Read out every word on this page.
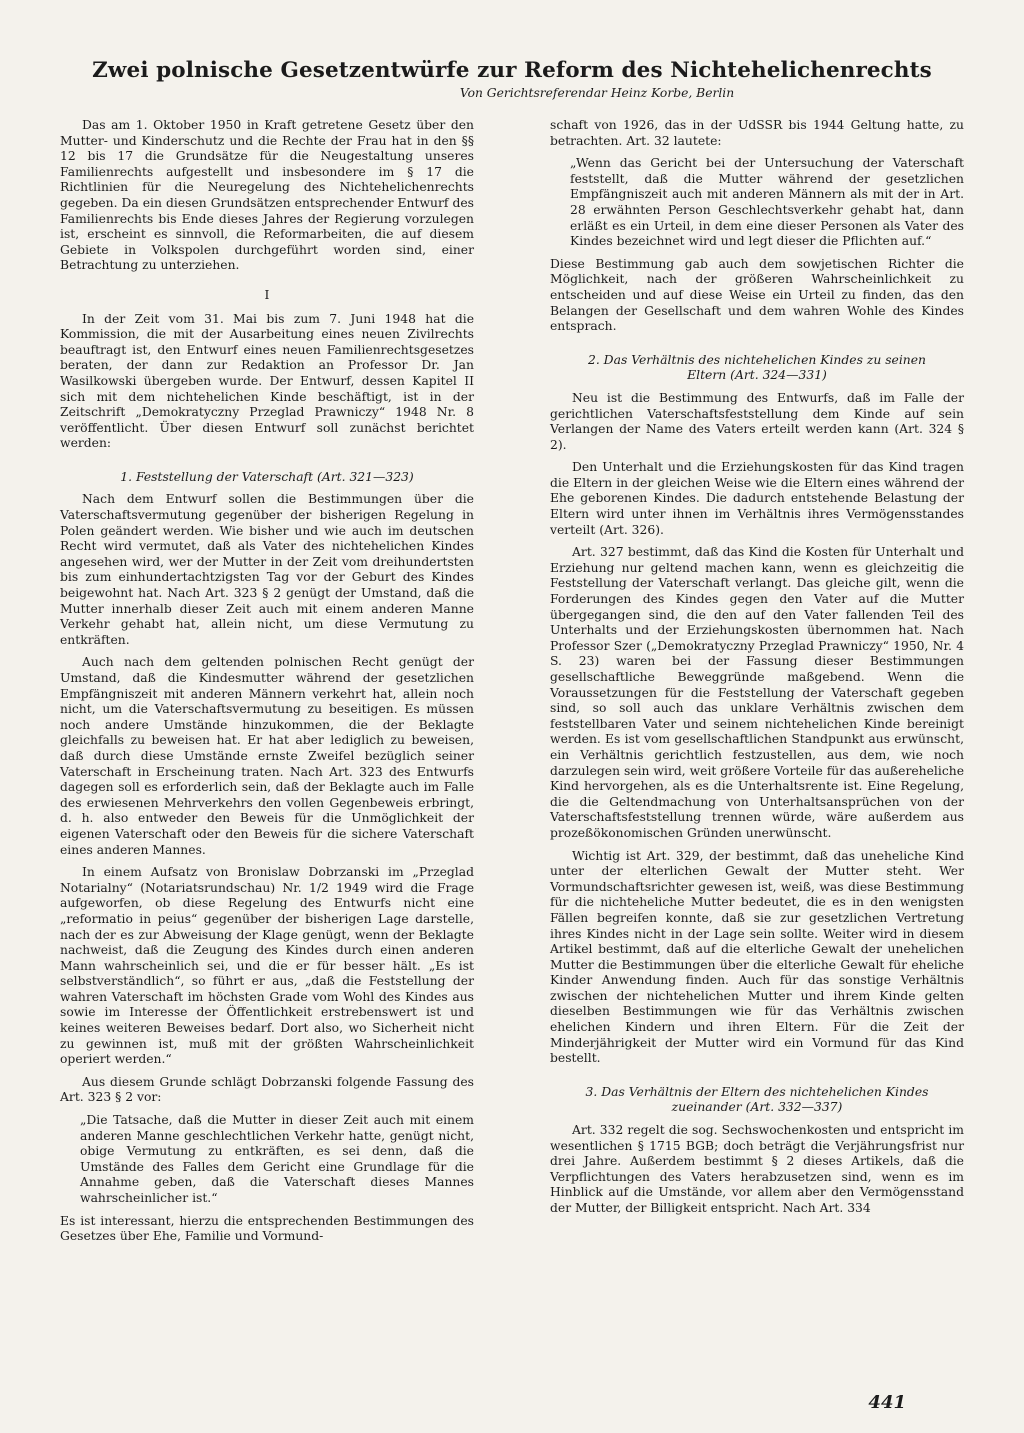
Zwei polnische Gesetzentwürfe zur Reform des Nichtehelichenrechts
Von Gerichtsreferendar Heinz Korbe, Berlin

Das am 1. Oktober 1950 in Kraft getretene Gesetz über den Mutter- und Kinderschutz und die Rechte der Frau hat in den §§ 12 bis 17 die Grundsätze für die Neugestaltung unseres Familienrechts aufgestellt und insbesondere im § 17 die Richtlinien für die Neuregelung des Nichtehelichenrechts gegeben. Da ein diesen Grundsätzen entsprechender Entwurf des Familienrechts bis Ende dieses Jahres der Regierung vorzulegen ist, erscheint es sinnvoll, die Reformarbeiten, die auf diesem Gebiete in Volkspolen durchgeführt worden sind, einer Betrachtung zu unterziehen.

I

In der Zeit vom 31. Mai bis zum 7. Juni 1948 hat die Kommission, die mit der Ausarbeitung eines neuen Zivilrechts beauftragt ist, den Entwurf eines neuen Familienrechtsgesetzes beraten, der dann zur Redaktion an Professor Dr. Jan Wasilkowski übergeben wurde. Der Entwurf, dessen Kapitel II sich mit dem nichtehelichen Kinde beschäftigt, ist in der Zeitschrift „Demokratyczny Przeglad Prawniczy“ 1948 Nr. 8 veröffentlicht. Über diesen Entwurf soll zunächst berichtet werden:

1. Feststellung der Vaterschaft (Art. 321—323)

Nach dem Entwurf sollen die Bestimmungen über die Vaterschaftsvermutung gegenüber der bisherigen Regelung in Polen geändert werden. Wie bisher und wie auch im deutschen Recht wird vermutet, daß als Vater des nichtehelichen Kindes angesehen wird, wer der Mutter in der Zeit vom dreihundertsten bis zum einhundertachtzigsten Tag vor der Geburt des Kindes beigewohnt hat. Nach Art. 323 § 2 genügt der Umstand, daß die Mutter innerhalb dieser Zeit auch mit einem anderen Manne Verkehr gehabt hat, allein nicht, um diese Vermutung zu entkräften.

Auch nach dem geltenden polnischen Recht genügt der Umstand, daß die Kindesmutter während der gesetzlichen Empfängniszeit mit anderen Männern verkehrt hat, allein noch nicht, um die Vaterschaftsvermutung zu beseitigen. Es müssen noch andere Umstände hinzukommen, die der Beklagte gleichfalls zu beweisen hat. Er hat aber lediglich zu beweisen, daß durch diese Umstände ernste Zweifel bezüglich seiner Vaterschaft in Erscheinung traten. Nach Art. 323 des Entwurfs dagegen soll es erforderlich sein, daß der Beklagte auch im Falle des erwiesenen Mehrverkehrs den vollen Gegenbeweis erbringt, d. h. also entweder den Beweis für die Unmöglichkeit der eigenen Vaterschaft oder den Beweis für die sichere Vaterschaft eines anderen Mannes.

In einem Aufsatz von Bronislaw Dobrzanski im „Przeglad Notarialny“ (Notariatsrundschau) Nr. 1/2 1949 wird die Frage aufgeworfen, ob diese Regelung des Entwurfs nicht eine „reformatio in peius“ gegenüber der bisherigen Lage darstelle, nach der es zur Abweisung der Klage genügt, wenn der Beklagte nachweist, daß die Zeugung des Kindes durch einen anderen Mann wahrscheinlich sei, und die er für besser hält. „Es ist selbstverständlich“, so führt er aus, „daß die Feststellung der wahren Vaterschaft im höchsten Grade vom Wohl des Kindes aus sowie im Interesse der Öffentlichkeit erstrebenswert ist und keines weiteren Beweises bedarf. Dort also, wo Sicherheit nicht zu gewinnen ist, muß mit der größten Wahrscheinlichkeit operiert werden.“

Aus diesem Grunde schlägt Dobrzanski folgende Fassung des Art. 323 § 2 vor:

„Die Tatsache, daß die Mutter in dieser Zeit auch mit einem anderen Manne geschlechtlichen Verkehr hatte, genügt nicht, obige Vermutung zu entkräften, es sei denn, daß die Umstände des Falles dem Gericht eine Grundlage für die Annahme geben, daß die Vaterschaft dieses Mannes wahrscheinlicher ist.“

Es ist interessant, hierzu die entsprechenden Bestimmungen des Gesetzes über Ehe, Familie und Vormund-

schaft von 1926, das in der UdSSR bis 1944 Geltung hatte, zu betrachten. Art. 32 lautete:

„Wenn das Gericht bei der Untersuchung der Vaterschaft feststellt, daß die Mutter während der gesetzlichen Empfängniszeit auch mit anderen Männern als mit der in Art. 28 erwähnten Person Geschlechtsverkehr gehabt hat, dann erläßt es ein Urteil, in dem eine dieser Personen als Vater des Kindes bezeichnet wird und legt dieser die Pflichten auf.“

Diese Bestimmung gab auch dem sowjetischen Richter die Möglichkeit, nach der größeren Wahrscheinlichkeit zu entscheiden und auf diese Weise ein Urteil zu finden, das den Belangen der Gesellschaft und dem wahren Wohle des Kindes entsprach.

2. Das Verhältnis des nichtehelichen Kindes zu seinen Eltern (Art. 324—331)

Neu ist die Bestimmung des Entwurfs, daß im Falle der gerichtlichen Vaterschaftsfeststellung dem Kinde auf sein Verlangen der Name des Vaters erteilt werden kann (Art. 324 § 2).

Den Unterhalt und die Erziehungskosten für das Kind tragen die Eltern in der gleichen Weise wie die Eltern eines während der Ehe geborenen Kindes. Die dadurch entstehende Belastung der Eltern wird unter ihnen im Verhältnis ihres Vermögensstandes verteilt (Art. 326).

Art. 327 bestimmt, daß das Kind die Kosten für Unterhalt und Erziehung nur geltend machen kann, wenn es gleichzeitig die Feststellung der Vaterschaft verlangt. Das gleiche gilt, wenn die Forderungen des Kindes gegen den Vater auf die Mutter übergegangen sind, die den auf den Vater fallenden Teil des Unterhalts und der Erziehungskosten übernommen hat. Nach Professor Szer („Demokratyczny Przeglad Prawniczy“ 1950, Nr. 4 S. 23) waren bei der Fassung dieser Bestimmungen gesellschaftliche Beweggründe maßgebend. Wenn die Voraussetzungen für die Feststellung der Vaterschaft gegeben sind, so soll auch das unklare Verhältnis zwischen dem feststellbaren Vater und seinem nichtehelichen Kinde bereinigt werden. Es ist vom gesellschaftlichen Standpunkt aus erwünscht, ein Verhältnis gerichtlich festzustellen, aus dem, wie noch darzulegen sein wird, weit größere Vorteile für das außereheliche Kind hervorgehen, als es die Unterhaltsrente ist. Eine Regelung, die die Geltendmachung von Unterhaltsansprüchen von der Vaterschaftsfeststellung trennen würde, wäre außerdem aus prozeßökonomischen Gründen unerwünscht.

Wichtig ist Art. 329, der bestimmt, daß das uneheliche Kind unter der elterlichen Gewalt der Mutter steht. Wer Vormundschaftsrichter gewesen ist, weiß, was diese Bestimmung für die nichteheliche Mutter bedeutet, die es in den wenigsten Fällen begreifen konnte, daß sie zur gesetzlichen Vertretung ihres Kindes nicht in der Lage sein sollte. Weiter wird in diesem Artikel bestimmt, daß auf die elterliche Gewalt der unehelichen Mutter die Bestimmungen über die elterliche Gewalt für eheliche Kinder Anwendung finden. Auch für das sonstige Verhältnis zwischen der nichtehelichen Mutter und ihrem Kinde gelten dieselben Bestimmungen wie für das Verhältnis zwischen ehelichen Kindern und ihren Eltern. Für die Zeit der Minderjährigkeit der Mutter wird ein Vormund für das Kind bestellt.

3. Das Verhältnis der Eltern des nichtehelichen Kindes zueinander (Art. 332—337)

Art. 332 regelt die sog. Sechswochenkosten und entspricht im wesentlichen § 1715 BGB; doch beträgt die Verjährungsfrist nur drei Jahre. Außerdem bestimmt § 2 dieses Artikels, daß die Verpflichtungen des Vaters herabzusetzen sind, wenn es im Hinblick auf die Umstände, vor allem aber den Vermögensstand der Mutter, der Billigkeit entspricht. Nach Art. 334

441
